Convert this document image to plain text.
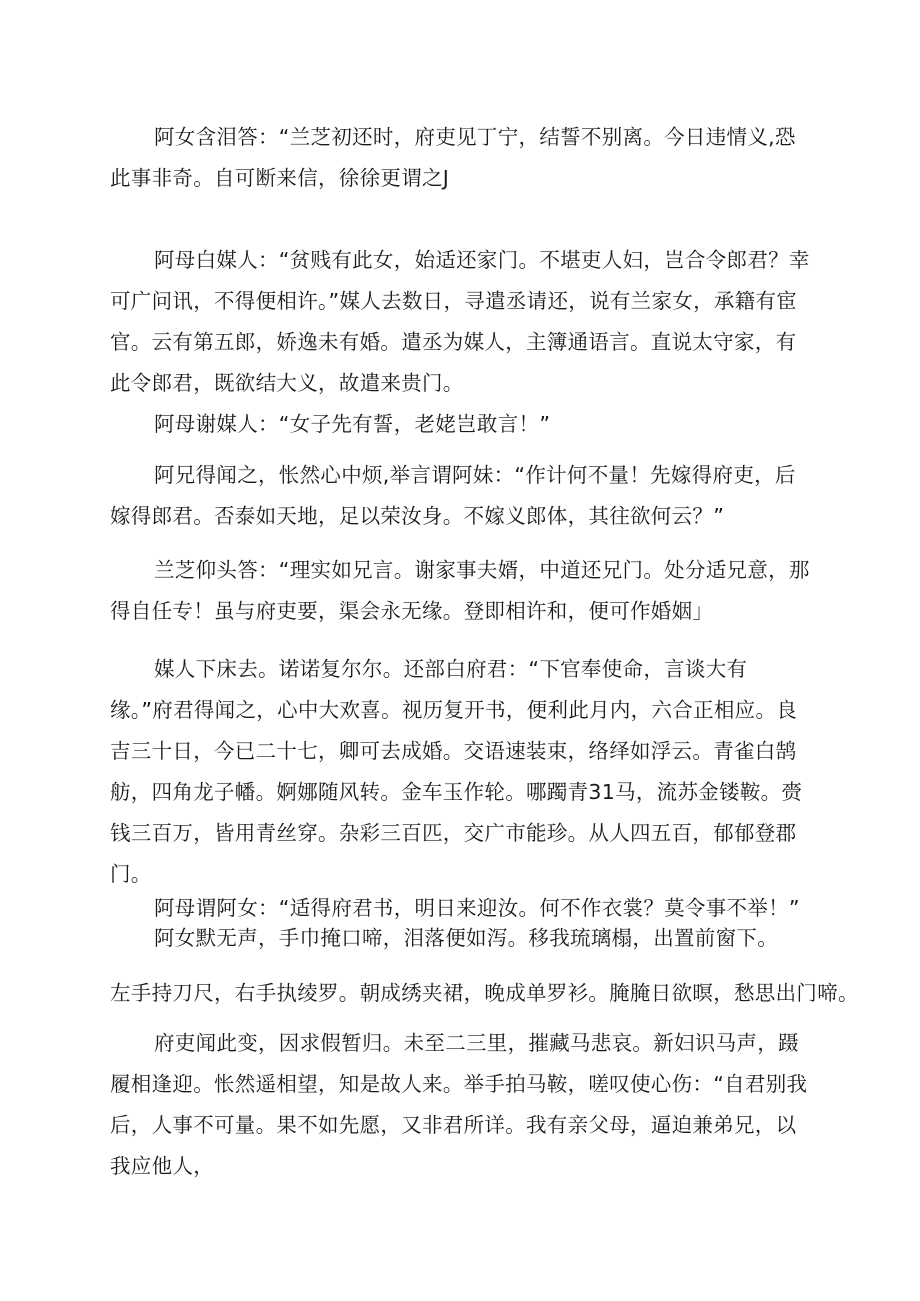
阿女含泪答：“兰芝初还时，府吏见丁宁，结誓不别离。今日违情义,恐此事非奇。自可断来信，徐徐更谓之J

阿母白媒人：“贫贱有此女，始适还家门。不堪吏人妇，岂合令郎君？幸可广问讯，不得便相许。”媒人去数日，寻遣丞请还，说有兰家女，承籍有宦官。云有第五郎，娇逸未有婚。遣丞为媒人，主簿通语言。直说太守家，有此令郎君，既欲结大义，故遣来贵门。

阿母谢媒人：“女子先有誓，老姥岂敢言！”

阿兄得闻之，怅然心中烦,举言谓阿妹：“作计何不量！先嫁得府吏，后嫁得郎君。否泰如天地，足以荣汝身。不嫁义郎体，其往欲何云？”

兰芝仰头答：“理实如兄言。谢家事夫婿，中道还兄门。处分适兄意，那得自任专！虽与府吏要，渠会永无缘。登即相许和，便可作婚姻」

媒人下床去。诺诺复尔尔。还部白府君：“下官奉使命，言谈大有缘。”府君得闻之，心中大欢喜。视历复开书，便利此月内，六合正相应。良吉三十日，今已二十七，卿可去成婚。交语速装束，络绎如浮云。青雀白鹄舫，四角龙子幡。婀娜随风转。金车玉作轮。哪躅青31马，流苏金镂鞍。赍钱三百万，皆用青丝穿。杂彩三百匹，交广市能珍。从人四五百，郁郁登郡门。

阿母谓阿女：“适得府君书，明日来迎汝。何不作衣裳？莫令事不举！”
阿女默无声，手巾掩口啼，泪落便如泻。移我琉璃榻，出置前窗下。
左手持刀尺，右手执绫罗。朝成绣夹裙，晚成单罗衫。腌腌日欲暝，愁思出门啼。

府吏闻此变，因求假暂归。未至二三里，摧藏马悲哀。新妇识马声，蹑履相逢迎。怅然遥相望，知是故人来。举手拍马鞍，嗟叹使心伤：“自君别我后，人事不可量。果不如先愿，又非君所详。我有亲父母，逼迫兼弟兄，以我应他人，
